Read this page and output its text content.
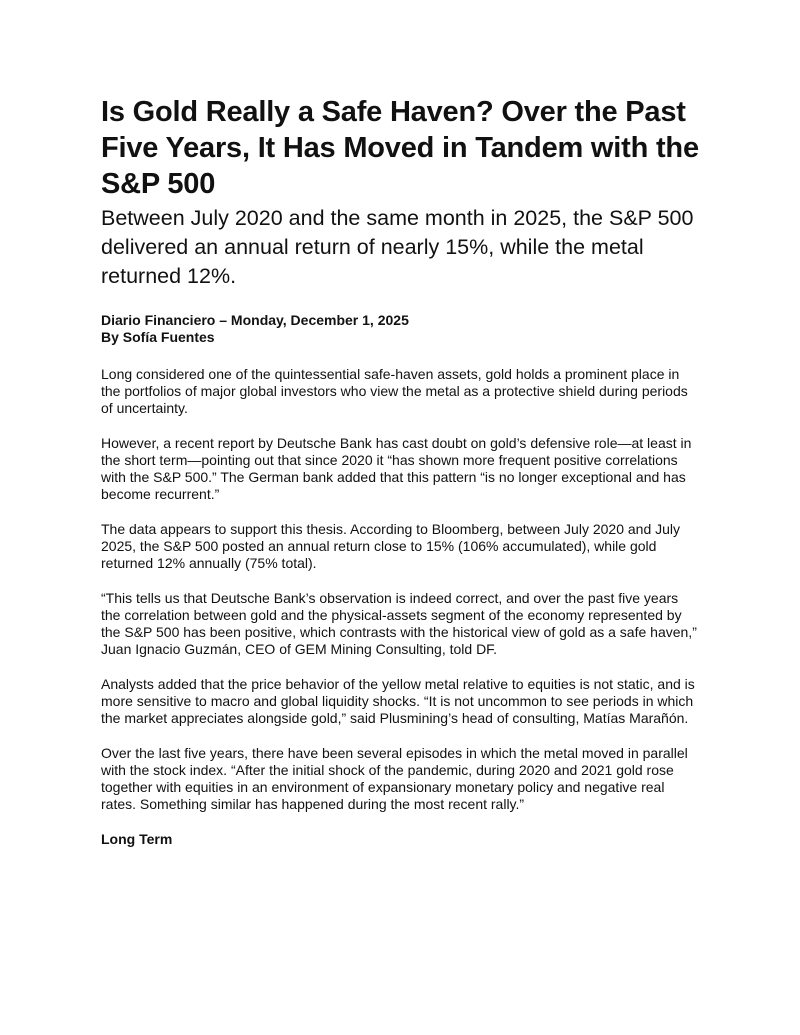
Is Gold Really a Safe Haven? Over the Past Five Years, It Has Moved in Tandem with the S&P 500
Between July 2020 and the same month in 2025, the S&P 500 delivered an annual return of nearly 15%, while the metal returned 12%.
Diario Financiero – Monday, December 1, 2025
By Sofía Fuentes

Long considered one of the quintessential safe-haven assets, gold holds a prominent place in the portfolios of major global investors who view the metal as a protective shield during periods of uncertainty.

However, a recent report by Deutsche Bank has cast doubt on gold’s defensive role—at least in the short term—pointing out that since 2020 it “has shown more frequent positive correlations with the S&P 500.” The German bank added that this pattern “is no longer exceptional and has become recurrent.”

The data appears to support this thesis. According to Bloomberg, between July 2020 and July 2025, the S&P 500 posted an annual return close to 15% (106% accumulated), while gold returned 12% annually (75% total).

“This tells us that Deutsche Bank’s observation is indeed correct, and over the past five years the correlation between gold and the physical-assets segment of the economy represented by the S&P 500 has been positive, which contrasts with the historical view of gold as a safe haven,” Juan Ignacio Guzmán, CEO of GEM Mining Consulting, told DF.

Analysts added that the price behavior of the yellow metal relative to equities is not static, and is more sensitive to macro and global liquidity shocks. “It is not uncommon to see periods in which the market appreciates alongside gold,” said Plusmining’s head of consulting, Matías Marañón.

Over the last five years, there have been several episodes in which the metal moved in parallel with the stock index. “After the initial shock of the pandemic, during 2020 and 2021 gold rose together with equities in an environment of expansionary monetary policy and negative real rates. Something similar has happened during the most recent rally.”

Long Term
